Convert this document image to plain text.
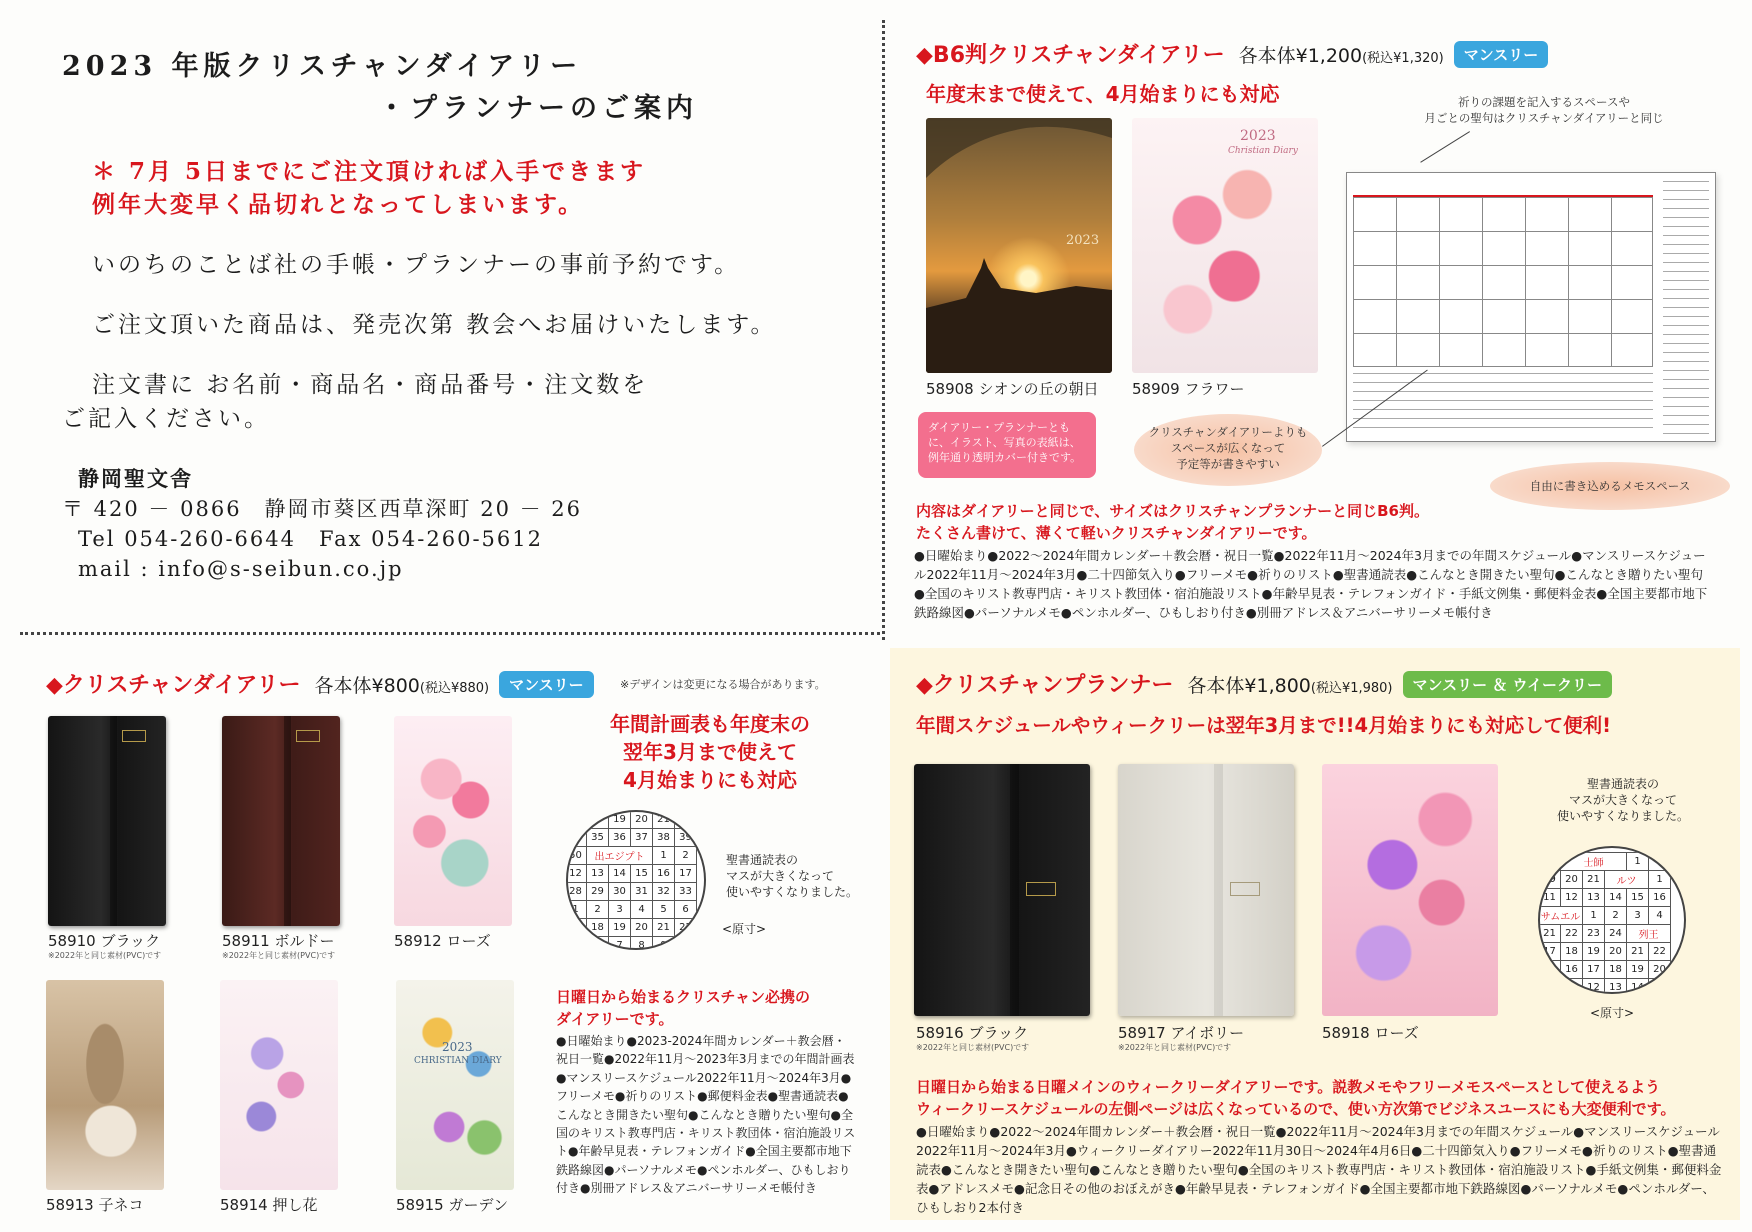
2023 年版クリスチャンダイアリー
・プランナーのご案内
＊ 7月 5日までにご注文頂ければ入手できます
例年大変早く品切れとなってしまいます。
いのちのことば社の手帳・プランナーの事前予約です。
ご注文頂いた商品は、発売次第 教会へお届けいたします。
注文書に お名前・商品名・商品番号・注文数を
ご記入ください。
静岡聖文舎
〒 420 － 0866　静岡市葵区西草深町 20 － 26
Tel 054-260-6644　Fax 054-260-5612
mail : info@s-seibun.co.jp
◆B6判クリスチャンダイアリー 各本体¥1,200(税込¥1,320) マンスリー
年度末まで使えて、4月始まりにも対応
2023
58908 シオンの丘の朝日
2023
Christian Diary
58909 フラワー
祈りの課題を記入するスペースや
月ごとの聖句はクリスチャンダイアリーと同じ
ダイアリー・プランナーともに、イラスト、写真の表紙は、例年通り透明カバー付きです。
クリスチャンダイアリーよりも
スペースが広くなって
予定等が書きやすい
自由に書き込めるメモスペース
内容はダイアリーと同じで、サイズはクリスチャンプランナーと同じB6判。
たくさん書けて、薄くて軽いクリスチャンダイアリーです。
●日曜始まり●2022～2024年間カレンダー＋教会暦・祝日一覧●2022年11月～2024年3月までの年間スケジュール●マンスリースケジュール2022年11月～2024年3月●二十四節気入り●フリーメモ●祈りのリスト●聖書通読表●こんなとき開きたい聖句●こんなとき贈りたい聖句●全国のキリスト教専門店・キリスト教団体・宿泊施設リスト●年齢早見表・テレフォンガイド・手紙文例集・郵便料金表●全国主要都市地下鉄路線図●パーソナルメモ●ペンホルダー、ひもしおり付き●別冊アドレス＆アニバーサリーメモ帳付き
◆クリスチャンダイアリー 各本体¥800(税込¥880) マンスリー	※デザインは変更になる場合があります。
58910 ブラック
※2022年と同じ素材(PVC)です
58911 ボルドー
※2022年と同じ素材(PVC)です
58912 ローズ
58913 子ネコ	58914 押し花
2023
CHRISTIAN DIARY
58915 ガーデン
年間計画表も年度末の
翌年3月まで使えて
4月始まりにも対応
		19	20	21	22
34	35	36	37	38	39
50	出エジプト			1	2
12	13	14	15	16	17
28	29	30	31	32	33
1	2	3	4	5	6
17	18	19	20	21	22
5	6	7	8	9	10
聖書通読表の
マスが大きくなって
使いやすくなりました。
<原寸>
日曜日から始まるクリスチャン必携の
ダイアリーです。
●日曜始まり●2023-2024年間カレンダー＋教会暦・祝日一覧●2022年11月～2023年3月までの年間計画表●マンスリースケジュール2022年11月～2024年3月●フリーメモ●祈りのリスト●郵便料金表●聖書通読表●こんなとき開きたい聖句●こんなとき贈りたい聖句●全国のキリスト教専門店・キリスト教団体・宿泊施設リスト●年齢早見表・テレフォンガイド●全国主要都市地下鉄路線図●パーソナルメモ●ペンホルダー、ひもしおり付き●別冊アドレス＆アニバーサリーメモ帳付き
◆クリスチャンプランナー 各本体¥1,800(税込¥1,980) マンスリー ＆ ウイークリー
年間スケジュールやウィークリーは翌年3月まで!!4月始まりにも対応して便利!
58916 ブラック
※2022年と同じ素材(PVC)です
58917 アイボリー
※2022年と同じ素材(PVC)です
58918 ローズ
聖書通読表の
マスが大きくなって
使いやすくなりました。
24	士師			1	
19	20	21	ルツ		1
11	12	13	14	15	16
サムエル		1	2	3	4
21	22	23	24	列王	
17	18	19	20	21	22
15	16	17	18	19	20
10	11	12	13	14	
<原寸>
日曜日から始まる日曜メインのウィークリーダイアリーです。説教メモやフリーメモスペースとして使えるよう
ウィークリースケジュールの左側ページは広くなっているので、使い方次第でビジネスユースにも大変便利です。
●日曜始まり●2022～2024年間カレンダー＋教会暦・祝日一覧●2022年11月～2024年3月までの年間スケジュール●マンスリースケジュール2022年11月～2024年3月●ウィークリーダイアリー2022年11月30日～2024年4月6日●二十四節気入り●フリーメモ●祈りのリスト●聖書通読表●こんなとき開きたい聖句●こんなとき贈りたい聖句●全国のキリスト教専門店・キリスト教団体・宿泊施設リスト●手紙文例集・郵便料金表●アドレスメモ●記念日その他のおぼえがき●年齢早見表・テレフォンガイド●全国主要都市地下鉄路線図●パーソナルメモ●ペンホルダー、ひもしおり2本付き
